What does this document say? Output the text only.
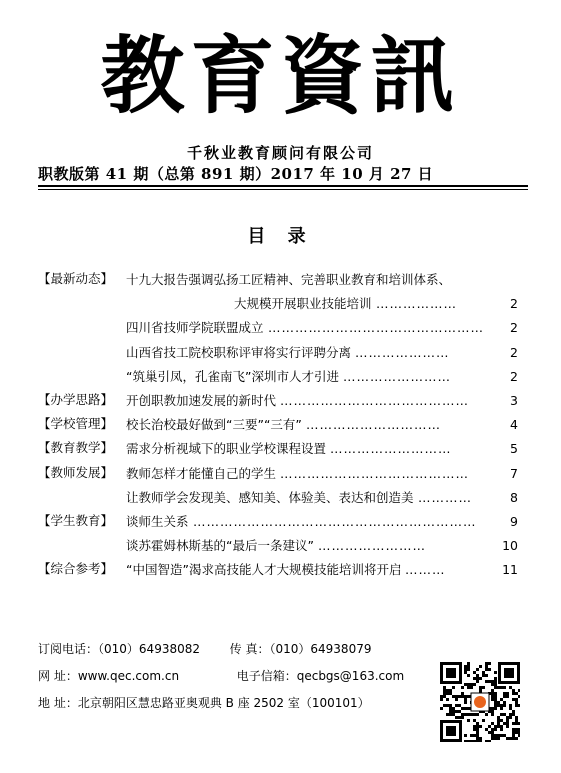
教育資訊
千秋业教育顾问有限公司
职教版第 41 期（总第 891 期）2017 年 10 月 27 日
目 录
【最新动态】	十九大报告强调弘扬工匠精神、完善职业教育和培训体系、
大规模开展职业技能培训 ………………	2
四川省技师学院联盟成立 …………………………………………	2
山西省技工院校职称评审将实行评聘分离 …………………	2
“筑巢引凤，孔雀南飞”深圳市人才引进 ……………………	2
【办学思路】	开创职教加速发展的新时代 ……………………………………	3
【学校管理】	校长治校最好做到“三要”“三有” …………………………	4
【教育教学】	需求分析视域下的职业学校课程设置 ………………………	5
【教师发展】	教师怎样才能懂自己的学生 ……………………………………	7
让教师学会发现美、感知美、体验美、表达和创造美 …………	8
【学生教育】	谈师生关系 ………………………………………………………	9
谈苏霍姆林斯基的“最后一条建议” ……………………	10
【综合参考】	“中国智造”渴求高技能人才大规模技能培训将开启 ………	11
订阅电话：（010）64938082 传 真：（010）64938079
网 址：www.qec.com.cn	电子信箱：qecbgs@163.com
地 址：北京朝阳区慧忠路亚奥观典 B 座 2502 室（100101）
